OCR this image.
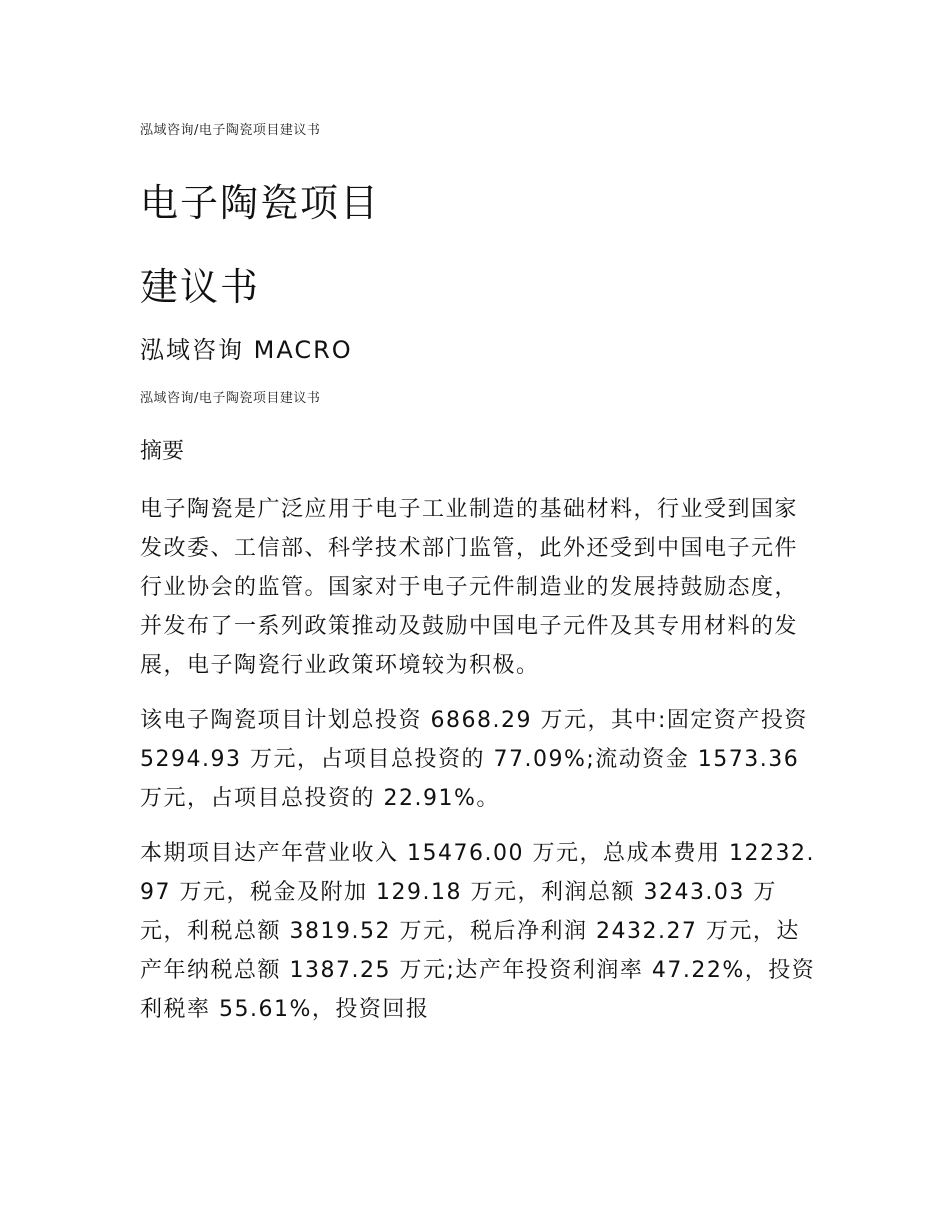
泓域咨询/电子陶瓷项目建议书
电子陶瓷项目
建议书
泓域咨询 MACRO
泓域咨询/电子陶瓷项目建议书
摘要

电子陶瓷是广泛应用于电子工业制造的基础材料，行业受到国家发改委、工信部、科学技术部门监管，此外还受到中国电子元件行业协会的监管。国家对于电子元件制造业的发展持鼓励态度，并发布了一系列政策推动及鼓励中国电子元件及其专用材料的发展，电子陶瓷行业政策环境较为积极。

该电子陶瓷项目计划总投资 6868.29 万元，其中:固定资产投资 5294.93 万元，占项目总投资的 77.09%;流动资金 1573.36 万元，占项目总投资的 22.91%。

本期项目达产年营业收入 15476.00 万元，总成本费用 12232.97 万元，税金及附加 129.18 万元，利润总额 3243.03 万元，利税总额 3819.52 万元，税后净利润 2432.27 万元，达产年纳税总额 1387.25 万元;达产年投资利润率 47.22%，投资利税率 55.61%，投资回报
